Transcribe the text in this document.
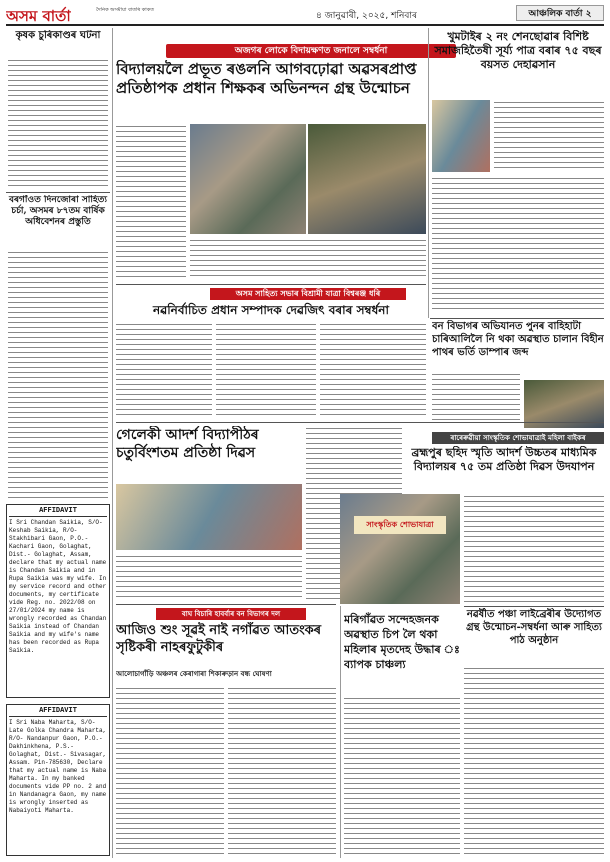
অসম বাৰ্তা	দৈনিক অসমীয়া বাতৰি কাকত
৪ জানুৱাৰী, ২০২৫, শনিবাৰ	আঞ্চলিক বাৰ্তা ২
কৃষক চুৰিকাণ্ডৰ ঘটনা
বৰগাঁওত দিনজোৰা সাহিত্য চৰ্চা, অসমৰ ৮৭তম বাৰ্ষিক অধিবেশনৰ প্ৰস্তুতি
AFFIDAVIT
I Sri Chandan Saikia, S/O- Keshab Saikia, R/O- Stakhibari Gaon, P.O.- Kachari Gaon, Golaghat, Dist.- Golaghat, Assam, declare that my actual name is Chandan Saikia and in Rupa Saikia was my wife. In my service record and other documents, my certificate vide Reg. no. 2022/08 on 27/01/2024 my name is wrongly recorded as Chandan Saikia instead of Chandan Saikia and my wife's name has been recorded as Rupa Saikia.
AFFIDAVIT
I Sri Naba Maharta, S/O- Late Golka Chandra Maharta, R/O- Nandanpur Gaon, P.O.- Dakhinkhena, P.S.- Golaghat, Dist.- Sivasagar, Assam. Pin-785630, Declare that my actual name is Naba Maharta. In my banked documents vide PP no. 2 and in Nandanagra Gaon, my name is wrongly inserted as Nabaiyoti Maharta.
অজগৰ লোকে বিদায়ক্ষণত জনালে সম্বৰ্ধনা
বিদ্যালয়লৈ প্ৰভূত ৰঙলনি আগবঢ়োৱা অৱসৰপ্ৰাপ্ত প্ৰতিষ্ঠাপক প্ৰধান শিক্ষকৰ অভিনন্দন গ্ৰন্থ উন্মোচন
খুমটাইৰ ২ নং শেনছোৱাৰ বিশিষ্ট সমাজহিতৈষী সূৰ্য্য পাত্ৰ বৰাৰ ৭৫ বছৰ বয়সত দেহাৱসান
অসম সাহিত্য সভাৰ বিশ্ৰামী যাত্ৰা বিশ্বৰঞ্জ ধৰি
নৱনিৰ্বাচিত প্ৰধান সম্পাদক দেৱজিৎ বৰাৰ সম্বৰ্ধনা
বন বিভাগৰ অভিযানত পুনৰ বাহিহাটা চাৰিআলিলৈ নি থকা অৱস্থাত চালান বিহীন পাথৰ ভৰ্তি ডাম্পাৰ জব্দ
গেলেকী আদৰ্শ বিদ্যাপীঠৰ চতুৰ্বিংশতম প্ৰতিষ্ঠা দিৱস
ৰাৰেৰুৱীয়া সাংস্কৃতিক শোভাযাত্ৰাই মহিলা বাইকৰ
ব্ৰহ্মপুৰ ছহিদ স্মৃতি আদৰ্শ উচ্চতৰ মাধ্যমিক বিদ্যালয়ৰ ৭৫ তম প্ৰতিষ্ঠা দিৱস উদযাপন
সাংস্কৃতিক শোভাযাত্ৰা
নৱৰ্ষীত পঞ্চা লাইব্ৰেৰীৰ উদ্যোগত গ্ৰন্থ উন্মোচন-সম্বৰ্ধনা আৰু সাহিত্য পাঠ অনুষ্ঠান
বাঘ বিচাৰি হাবৰ্বাৰ বন বিভাগৰ দল
আজিও শুং সূৱই নাই নগাঁৱত আতংকৰ সৃষ্টিকৰী নাহৰফুটুকীৰ
আলোচাগাঁড়ি অঞ্চলৰ কেৰাগাৰা শিকাৰুড়ান বন্ধ ঘোষণা
মৰিগাঁৱত সন্দেহজনক অৱস্থাত চিপ লৈ থকা মহিলাৰ মৃতদেহ উদ্ধাৰ ঃ ব্যাপক চাঞ্চল্য
